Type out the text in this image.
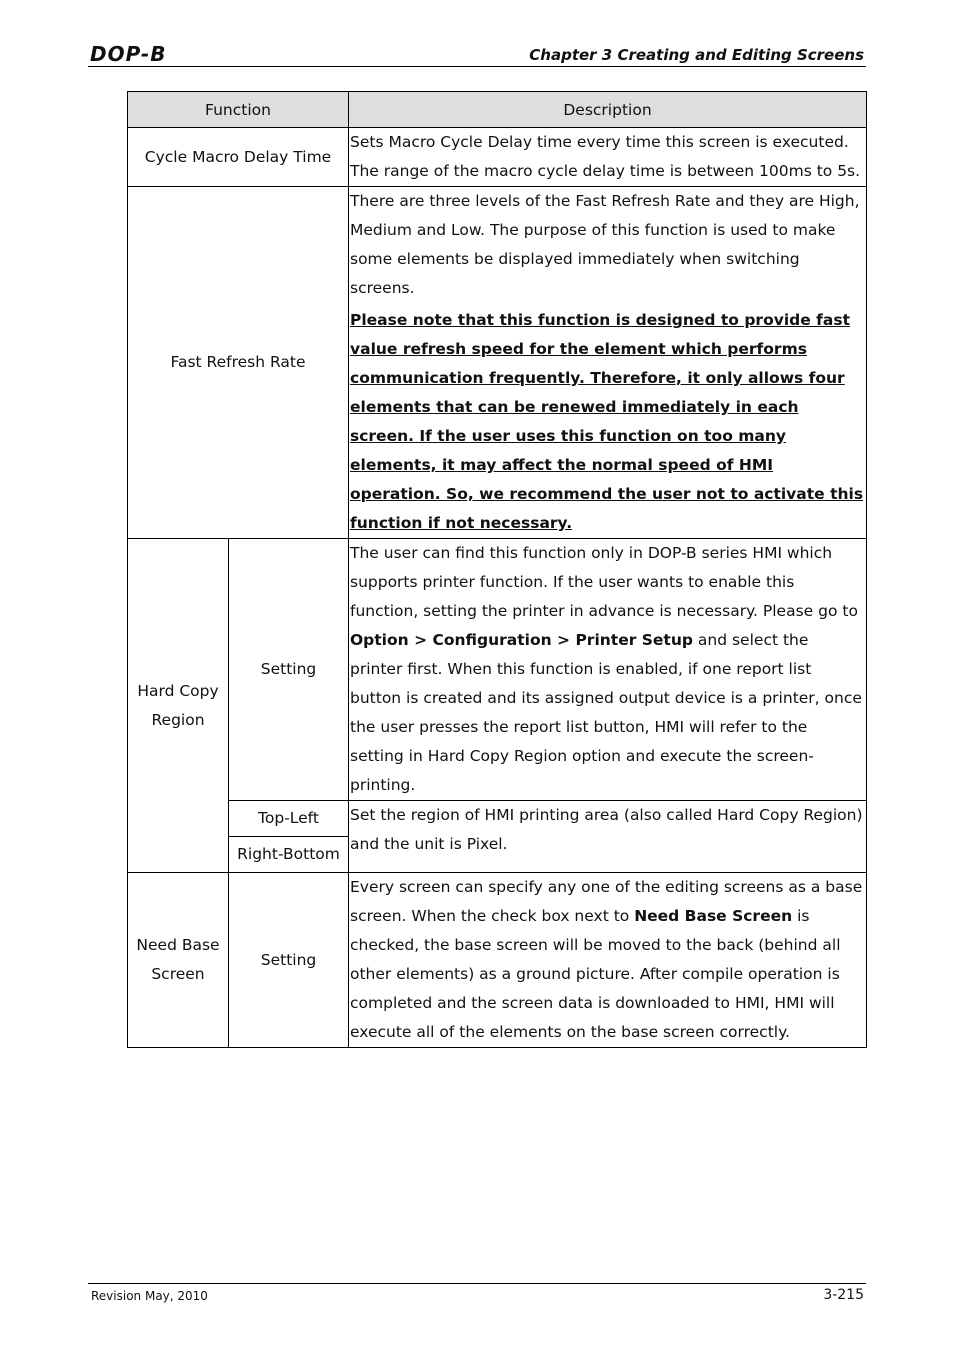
DOP-B	Chapter 3 Creating and Editing Screens
Function		Description
Cycle Macro Delay Time		Sets Macro Cycle Delay time every time this screen is executed. The range of the macro cycle delay time is between 100ms to 5s.

Fast Refresh Rate		There are three levels of the Fast Refresh Rate and they are High, Medium and Low. The purpose of this function is used to make some elements be displayed immediately when switching screens.

Please note that this function is designed to provide fast value refresh speed for the element which performs communication frequently. Therefore, it only allows four elements that can be renewed immediately in each screen. If the user uses this function on too many elements, it may affect the normal speed of HMI operation. So, we recommend the user not to activate this function if not necessary.

Hard Copy Region	Setting	The user can find this function only in DOP-B series HMI which supports printer function. If the user wants to enable this function, setting the printer in advance is necessary. Please go to Option > Configuration > Printer Setup and select the printer first. When this function is enabled, if one report list button is created and its assigned output device is a printer, once the user presses the report list button, HMI will refer to the setting in Hard Copy Region option and execute the screen-printing.

	Top-Left	Set the region of HMI printing area (also called Hard Copy Region) and the unit is Pixel.

	Right-Bottom	
Need Base Screen	Setting	Every screen can specify any one of the editing screens as a base screen. When the check box next to Need Base Screen is checked, the base screen will be moved to the back (behind all other elements) as a ground picture. After compile operation is completed and the screen data is downloaded to HMI, HMI will execute all of the elements on the base screen correctly.

Revision May, 2010	3-215
